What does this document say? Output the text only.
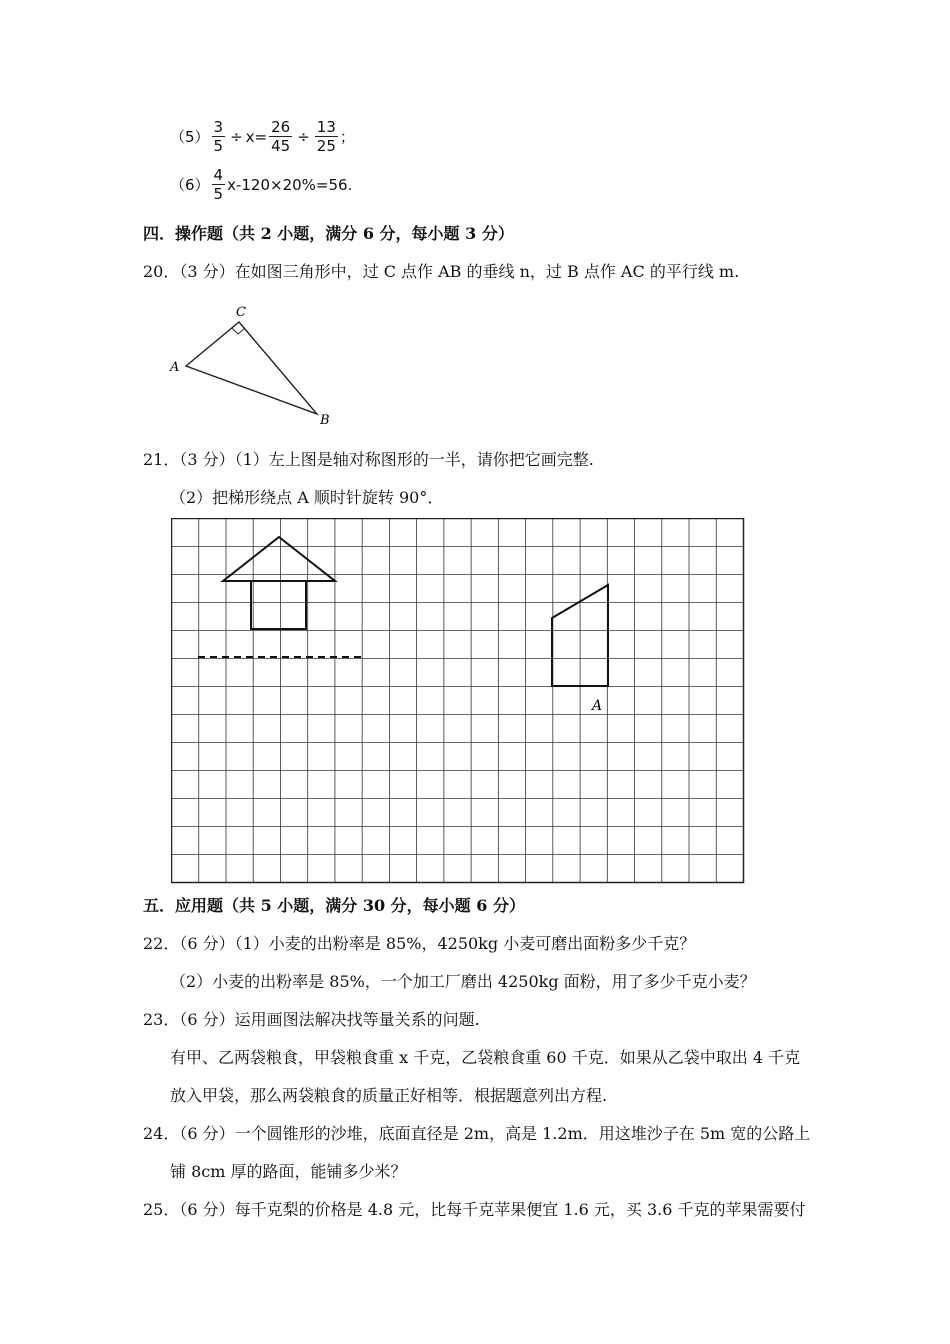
$(5) \frac{3}{5} \div x= \frac{26}{45} \div \frac{13}{25}$ ；
$(6) \frac{4}{5} x-120\times 20\%=56$.
四．操作题（共 2 小题，满分 6 分，每小题 3 分）
20．（3 分）在如图三角形中，过 C 点作 AB 的垂线 n，过 B 点作 AC 的平行线 m.
C
A
B
21．（3 分）（1）左上图是轴对称图形的一半，请你把它画完整.
（2）把梯形绕点 A 顺时针旋转 90°．
A
五．应用题（共 5 小题，满分 30 分，每小题 6 分）
22．（6 分）（1）小麦的出粉率是 85%，4250kg 小麦可磨出面粉多少千克？
（2）小麦的出粉率是 85%，一个加工厂磨出 4250kg 面粉，用了多少千克小麦？
23．（6 分）运用画图法解决找等量关系的问题.
有甲、乙两袋粮食，甲袋粮食重 x 千克，乙袋粮食重 60 千克．如果从乙袋中取出 4 千克
放入甲袋，那么两袋粮食的质量正好相等．根据题意列出方程.
24．（6 分）一个圆锥形的沙堆，底面直径是 2m，高是 1.2m．用这堆沙子在 5m 宽的公路上
铺 8cm 厚的路面，能铺多少米？
25．（6 分）每千克梨的价格是 4.8 元，比每千克苹果便宜 1.6 元，买 3.6 千克的苹果需要付
